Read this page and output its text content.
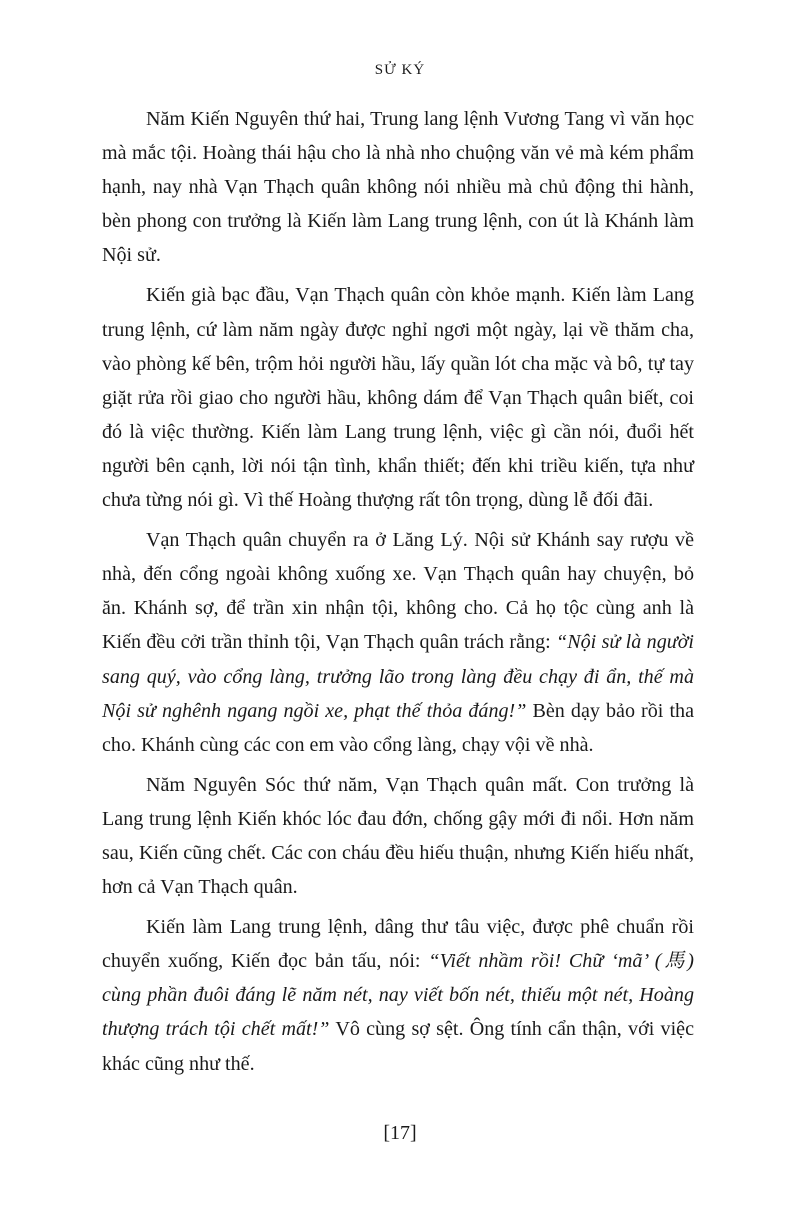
SỬ KÝ

Năm Kiến Nguyên thứ hai, Trung lang lệnh Vương Tang vì văn học mà mắc tội. Hoàng thái hậu cho là nhà nho chuộng văn vẻ mà kém phẩm hạnh, nay nhà Vạn Thạch quân không nói nhiều mà chủ động thi hành, bèn phong con trưởng là Kiến làm Lang trung lệnh, con út là Khánh làm Nội sử.

Kiến già bạc đầu, Vạn Thạch quân còn khỏe mạnh. Kiến làm Lang trung lệnh, cứ làm năm ngày được nghỉ ngơi một ngày, lại về thăm cha, vào phòng kế bên, trộm hỏi người hầu, lấy quần lót cha mặc và bô, tự tay giặt rửa rồi giao cho người hầu, không dám để Vạn Thạch quân biết, coi đó là việc thường. Kiến làm Lang trung lệnh, việc gì cần nói, đuổi hết người bên cạnh, lời nói tận tình, khẩn thiết; đến khi triều kiến, tựa như chưa từng nói gì. Vì thế Hoàng thượng rất tôn trọng, dùng lễ đối đãi.

Vạn Thạch quân chuyển ra ở Lăng Lý. Nội sử Khánh say rượu về nhà, đến cổng ngoài không xuống xe. Vạn Thạch quân hay chuyện, bỏ ăn. Khánh sợ, để trần xin nhận tội, không cho. Cả họ tộc cùng anh là Kiến đều cởi trần thỉnh tội, Vạn Thạch quân trách rằng: “Nội sử là người sang quý, vào cổng làng, trưởng lão trong làng đều chạy đi ẩn, thế mà Nội sử nghênh ngang ngồi xe, phạt thế thỏa đáng!” Bèn dạy bảo rồi tha cho. Khánh cùng các con em vào cổng làng, chạy vội về nhà.

Năm Nguyên Sóc thứ năm, Vạn Thạch quân mất. Con trưởng là Lang trung lệnh Kiến khóc lóc đau đớn, chống gậy mới đi nổi. Hơn năm sau, Kiến cũng chết. Các con cháu đều hiếu thuận, nhưng Kiến hiếu nhất, hơn cả Vạn Thạch quân.

Kiến làm Lang trung lệnh, dâng thư tâu việc, được phê chuẩn rồi chuyển xuống, Kiến đọc bản tấu, nói: “Viết nhầm rồi! Chữ ‘mã’ (馬) cùng phần đuôi đáng lẽ năm nét, nay viết bốn nét, thiếu một nét, Hoàng thượng trách tội chết mất!” Vô cùng sợ sệt. Ông tính cẩn thận, với việc khác cũng như thế.

[17]
